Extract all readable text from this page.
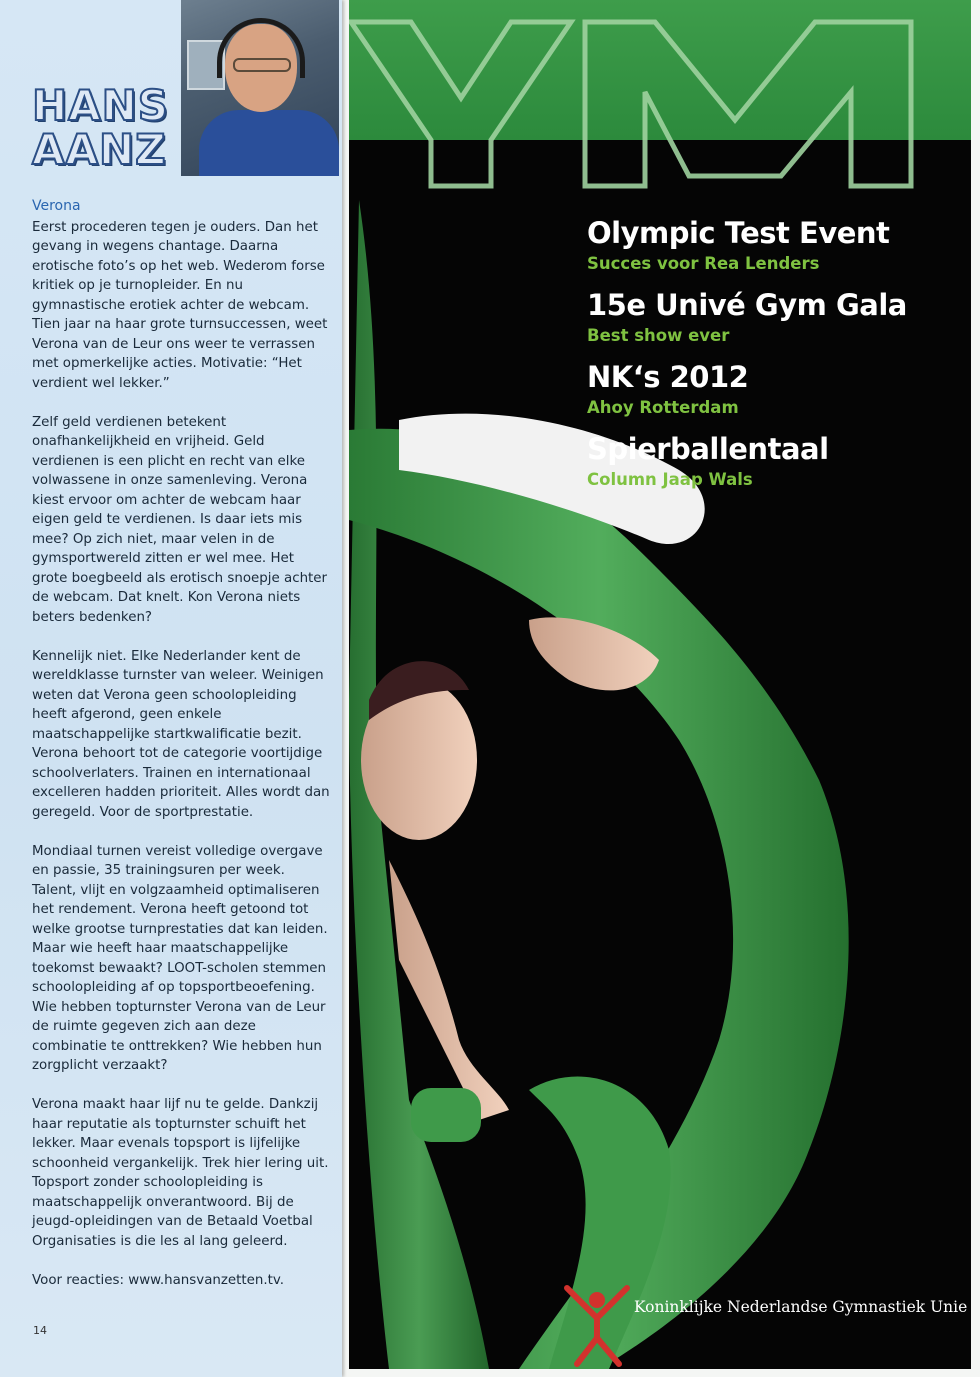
HANS
AANZ
Verona

Eerst procederen tegen je ouders. Dan het gevang in wegens chantage. Daarna erotische foto’s op het web. Wederom forse kritiek op je turnopleider. En nu gymnastische erotiek achter de webcam. Tien jaar na haar grote turnsuccessen, weet Verona van de Leur ons weer te verrassen met opmerkelijke acties. Motivatie: “Het verdient wel lekker.”

Zelf geld verdienen betekent onafhankelijkheid en vrijheid. Geld verdienen is een plicht en recht van elke volwassene in onze samenleving. Verona kiest ervoor om achter de webcam haar eigen geld te verdienen. Is daar iets mis mee? Op zich niet, maar velen in de gymsportwereld zitten er wel mee. Het grote boegbeeld als erotisch snoepje achter de webcam. Dat knelt. Kon Verona niets beters bedenken?

Kennelijk niet. Elke Nederlander kent de wereldklasse turnster van weleer. Weinigen weten dat Verona geen schoolopleiding heeft afgerond, geen enkele maatschappelijke startkwalificatie bezit. Verona behoort tot de categorie voortijdige schoolverlaters. Trainen en internationaal excelleren hadden prioriteit. Alles wordt dan geregeld. Voor de sportprestatie.

Mondiaal turnen vereist volledige overgave en passie, 35 trainingsuren per week. Talent, vlijt en volgzaamheid optimaliseren het rendement. Verona heeft getoond tot welke grootse turnprestaties dat kan leiden. Maar wie heeft haar maatschappelijke toekomst bewaakt? LOOT-scholen stemmen schoolopleiding af op topsportbeoefening. Wie hebben topturnster Verona van de Leur de ruimte gegeven zich aan deze combinatie te onttrekken? Wie hebben hun zorgplicht verzaakt?

Verona maakt haar lijf nu te gelde. Dankzij haar reputatie als topturnster schuift het lekker. Maar evenals topsport is lijfelijke schoonheid vergankelijk. Trek hier lering uit. Topsport zonder schoolopleiding is maatschappelijk onverantwoord. Bij de jeugd-opleidingen van de Betaald Voetbal Organisaties is die les al lang geleerd.

Voor reacties: www.hansvanzetten.tv.

14
Olympic Test Event
Succes voor Rea Lenders
15e Univé Gym Gala
Best show ever
NK‘s 2012
Ahoy Rotterdam
Spierballentaal
Column Jaap Wals
Koninklijke Nederlandse Gymnastiek Unie
